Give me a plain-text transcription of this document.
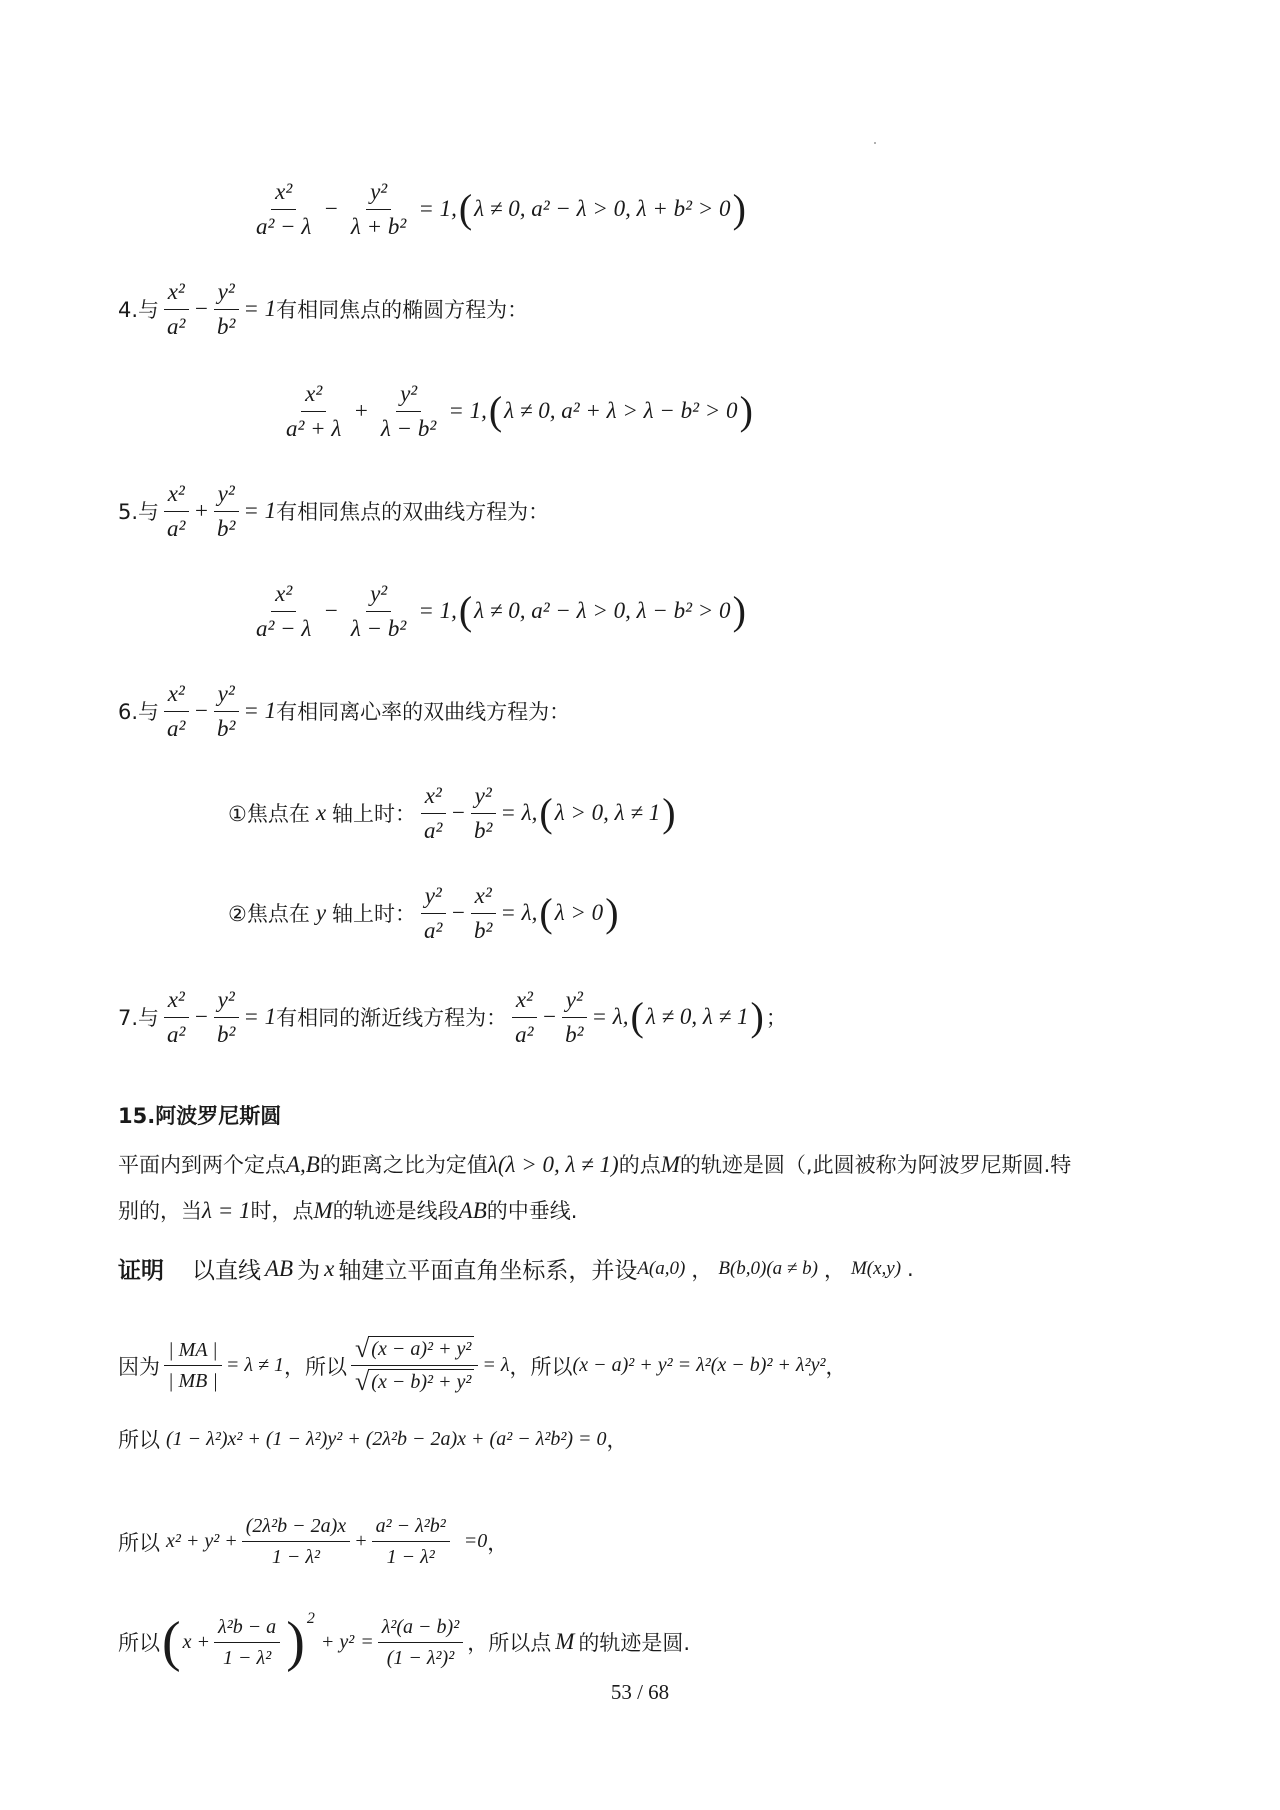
$\frac{\text{x²}}{\text{a² − λ}} - \frac{\text{y²}}{\text{λ + b²}} = 1$, ( λ ≠ 0, a² − λ > 0, λ + b² > 0 )
4.与 $\frac{\text{x²}}{\text{a²}} - \frac{\text{y²}}{\text{b²}} = 1$ 有相同焦点的椭圆方程为：
$\frac{\text{x²}}{\text{a² + λ}} + \frac{\text{y²}}{\text{λ − b²}} = 1$, ( λ ≠ 0, a² + λ > λ − b² > 0 )
5.与 $\frac{\text{x²}}{\text{a²}} + \frac{\text{y²}}{\text{b²}} = 1$ 有相同焦点的双曲线方程为：
$\frac{\text{x²}}{\text{a² − λ}} - \frac{\text{y²}}{\text{λ − b²}} = 1$, ( λ ≠ 0, a² − λ > 0, λ − b² > 0 )
6.与 $\frac{\text{x²}}{\text{a²}} - \frac{\text{y²}}{\text{b²}} = 1$ 有相同离心率的双曲线方程为：
①焦点在 x 轴上时： $\frac{\text{x²}}{\text{a²}} - \frac{\text{y²}}{\text{b²}} = \lambda$, ( λ > 0, λ ≠ 1 )
②焦点在 y 轴上时： $\frac{\text{y²}}{\text{a²}} - \frac{\text{x²}}{\text{b²}} = \lambda$, ( λ > 0 )
7.与 $\frac{\text{x²}}{\text{a²}} - \frac{\text{y²}}{\text{b²}} = 1$ 有相同的渐近线方程为： $\frac{\text{x²}}{\text{a²}} - \frac{\text{y²}}{\text{b²}} = \lambda$, ( λ ≠ 0, λ ≠ 1 ) ；
15.阿波罗尼斯圆
平面内到两个定点A,B的距离之比为定值λ(λ > 0, λ ≠ 1)的点M的轨迹是圆（,此圆被称为阿波罗尼斯圆.特
别的，当λ = 1时，点M的轨迹是线段AB的中垂线.
证明 以直线 AB 为 x 轴建立平面直角坐标系，并设 A(a,0) ， B(b,0)(a ≠ b) ， M(x,y) .
因为 $\frac{| MA |}{| MB |} = \lambda \ne 1$ ，所以 $\frac{\text{√ (x − a)² + y²}}{\text{√ (x − b)² + y²}} = \lambda$ ，所以 (x − a)² + y² = λ²(x − b)² + λ²y² ，
所以 (1 − λ²)x² + (1 − λ²)y² + (2λ²b − 2a)x + (a² − λ²b²) = 0 ，
所以 $x^2 + y^2 + \frac{\text{(2λ²b − 2a)x}}{\text{1 − λ²}} + \frac{\text{a² − λ²b²}}{\text{1 − λ²}} =0$ ，
所以 ( $x + \frac{\text{λ²b − a}}{\text{1 − λ²}}$ ) 2
+ $y^2 = \frac{\text{λ²(a − b)²}}{\text{(1 − λ²)²}}$ ，所以点 M 的轨迹是圆.
53 / 68
